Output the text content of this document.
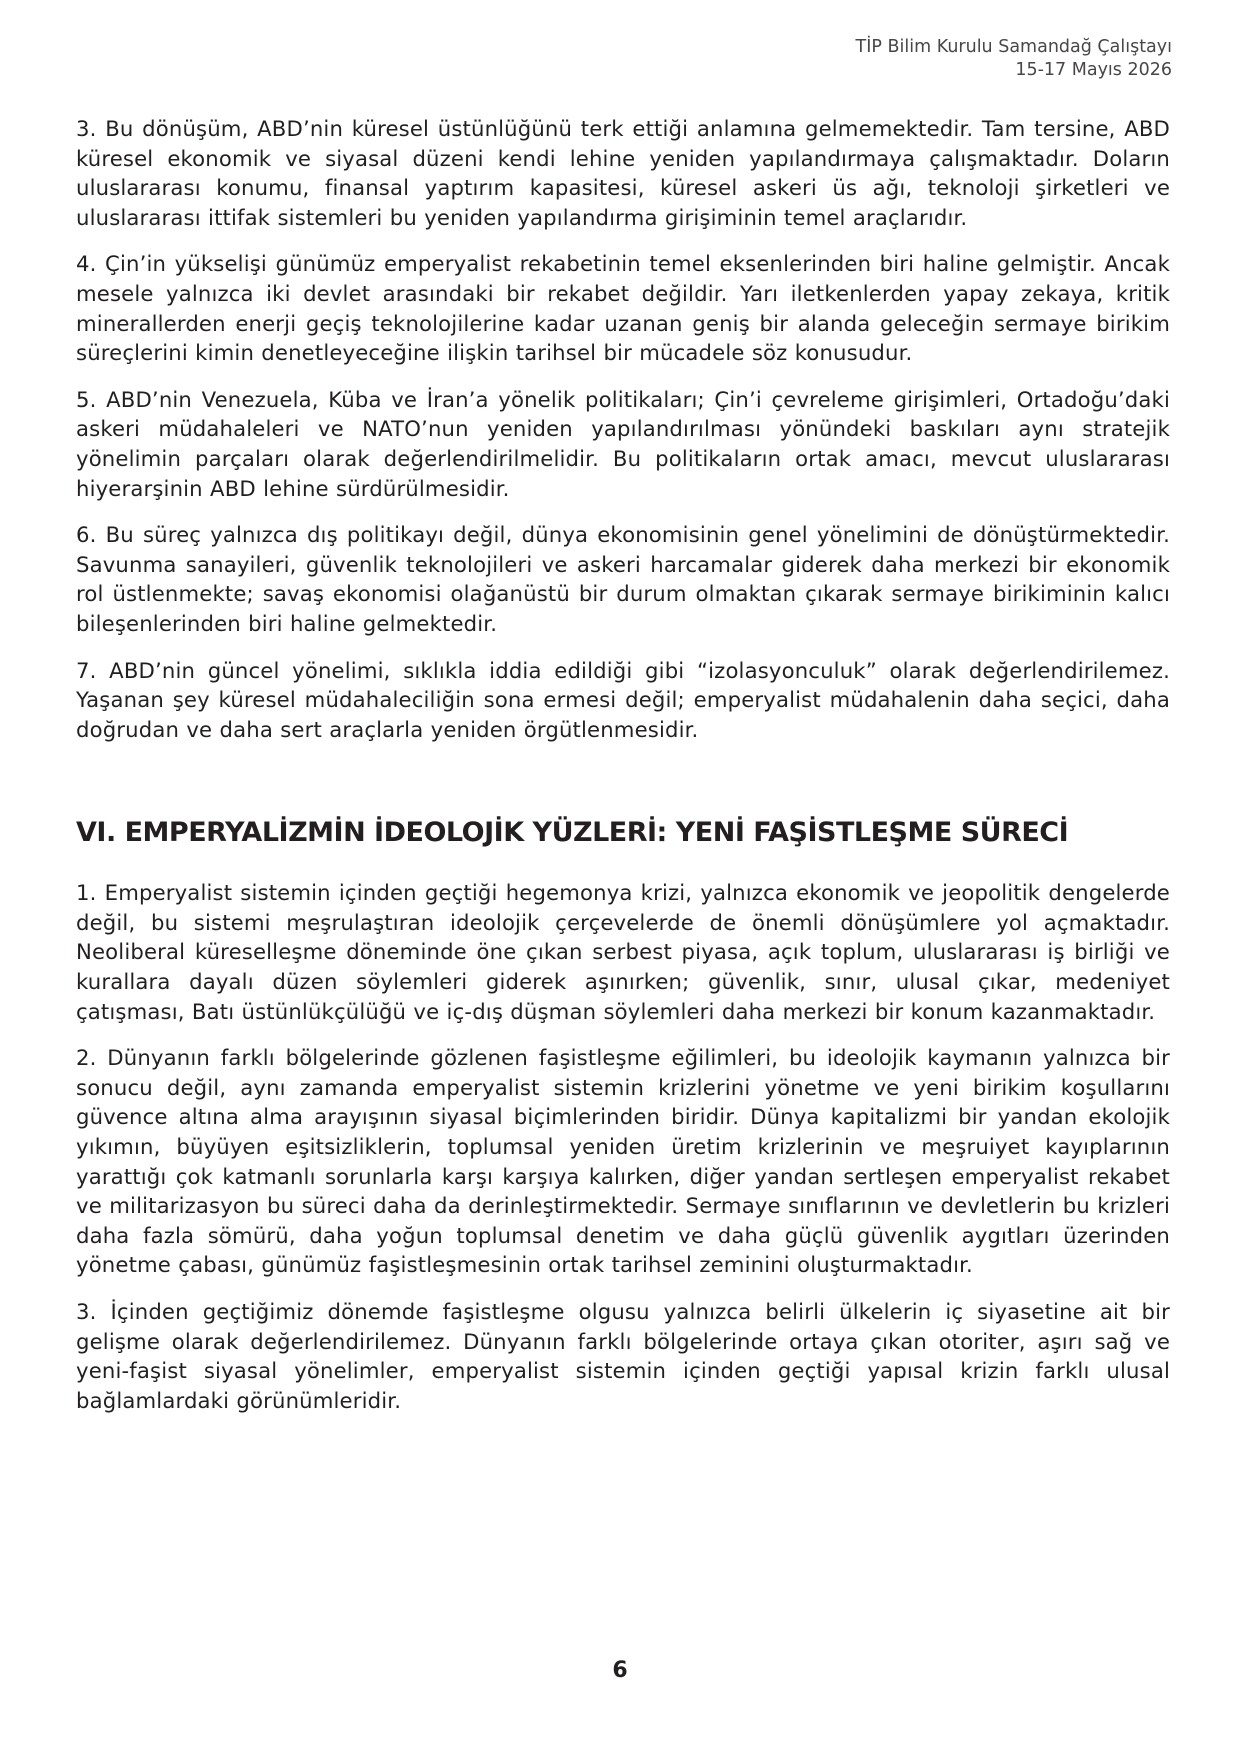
TİP Bilim Kurulu Samandağ Çalıştayı
15-17 Mayıs 2026

3. Bu dönüşüm, ABD’nin küresel üstünlüğünü terk ettiği anlamına gelmemektedir. Tam tersine, ABD küresel ekonomik ve siyasal düzeni kendi lehine yeniden yapılandırmaya çalışmaktadır. Doların uluslararası konumu, finansal yaptırım kapasitesi, küresel askeri üs ağı, teknoloji şirketleri ve uluslararası ittifak sistemleri bu yeniden yapılandırma girişiminin temel araçlarıdır.

4. Çin’in yükselişi günümüz emperyalist rekabetinin temel eksenlerinden biri haline gelmiştir. Ancak mesele yalnızca iki devlet arasındaki bir rekabet değildir. Yarı iletkenlerden yapay zekaya, kritik minerallerden enerji geçiş teknolojilerine kadar uzanan geniş bir alanda geleceğin sermaye birikim süreçlerini kimin denetleyeceğine ilişkin tarihsel bir mücadele söz konusudur.

5. ABD’nin Venezuela, Küba ve İran’a yönelik politikaları; Çin’i çevreleme girişimleri, Ortadoğu’daki askeri müdahaleleri ve NATO’nun yeniden yapılandırılması yönündeki baskıları aynı stratejik yönelimin parçaları olarak değerlendirilmelidir. Bu politikaların ortak amacı, mevcut uluslararası hiyerarşinin ABD lehine sürdürülmesidir.

6. Bu süreç yalnızca dış politikayı değil, dünya ekonomisinin genel yönelimini de dönüştürmektedir. Savunma sanayileri, güvenlik teknolojileri ve askeri harcamalar giderek daha merkezi bir ekonomik rol üstlenmekte; savaş ekonomisi olağanüstü bir durum olmaktan çıkarak sermaye birikiminin kalıcı bileşenlerinden biri haline gelmektedir.

7. ABD’nin güncel yönelimi, sıklıkla iddia edildiği gibi “izolasyonculuk” olarak değerlendirilemez. Yaşanan şey küresel müdahaleciliğin sona ermesi değil; emperyalist müdahalenin daha seçici, daha doğrudan ve daha sert araçlarla yeniden örgütlenmesidir.

VI. EMPERYALİZMİN İDEOLOJİK YÜZLERİ: YENİ FAŞİSTLEŞME SÜRECİ

1. Emperyalist sistemin içinden geçtiği hegemonya krizi, yalnızca ekonomik ve jeopolitik dengelerde değil, bu sistemi meşrulaştıran ideolojik çerçevelerde de önemli dönüşümlere yol açmaktadır. Neoliberal küreselleşme döneminde öne çıkan serbest piyasa, açık toplum, uluslararası iş birliği ve kurallara dayalı düzen söylemleri giderek aşınırken; güvenlik, sınır, ulusal çıkar, medeniyet çatışması, Batı üstünlükçülüğü ve iç-dış düşman söylemleri daha merkezi bir konum kazanmaktadır.

2. Dünyanın farklı bölgelerinde gözlenen faşistleşme eğilimleri, bu ideolojik kaymanın yalnızca bir sonucu değil, aynı zamanda emperyalist sistemin krizlerini yönetme ve yeni birikim koşullarını güvence altına alma arayışının siyasal biçimlerinden biridir. Dünya kapitalizmi bir yandan ekolojik yıkımın, büyüyen eşitsizliklerin, toplumsal yeniden üretim krizlerinin ve meşruiyet kayıplarının yarattığı çok katmanlı sorunlarla karşı karşıya kalırken, diğer yandan sertleşen emperyalist rekabet ve militarizasyon bu süreci daha da derinleştirmektedir. Sermaye sınıflarının ve devletlerin bu krizleri daha fazla sömürü, daha yoğun toplumsal denetim ve daha güçlü güvenlik aygıtları üzerinden yönetme çabası, günümüz faşistleşmesinin ortak tarihsel zeminini oluşturmaktadır.

3. İçinden geçtiğimiz dönemde faşistleşme olgusu yalnızca belirli ülkelerin iç siyasetine ait bir gelişme olarak değerlendirilemez. Dünyanın farklı bölgelerinde ortaya çıkan otoriter, aşırı sağ ve yeni-faşist siyasal yönelimler, emperyalist sistemin içinden geçtiği yapısal krizin farklı ulusal bağlamlardaki görünümleridir.

6
